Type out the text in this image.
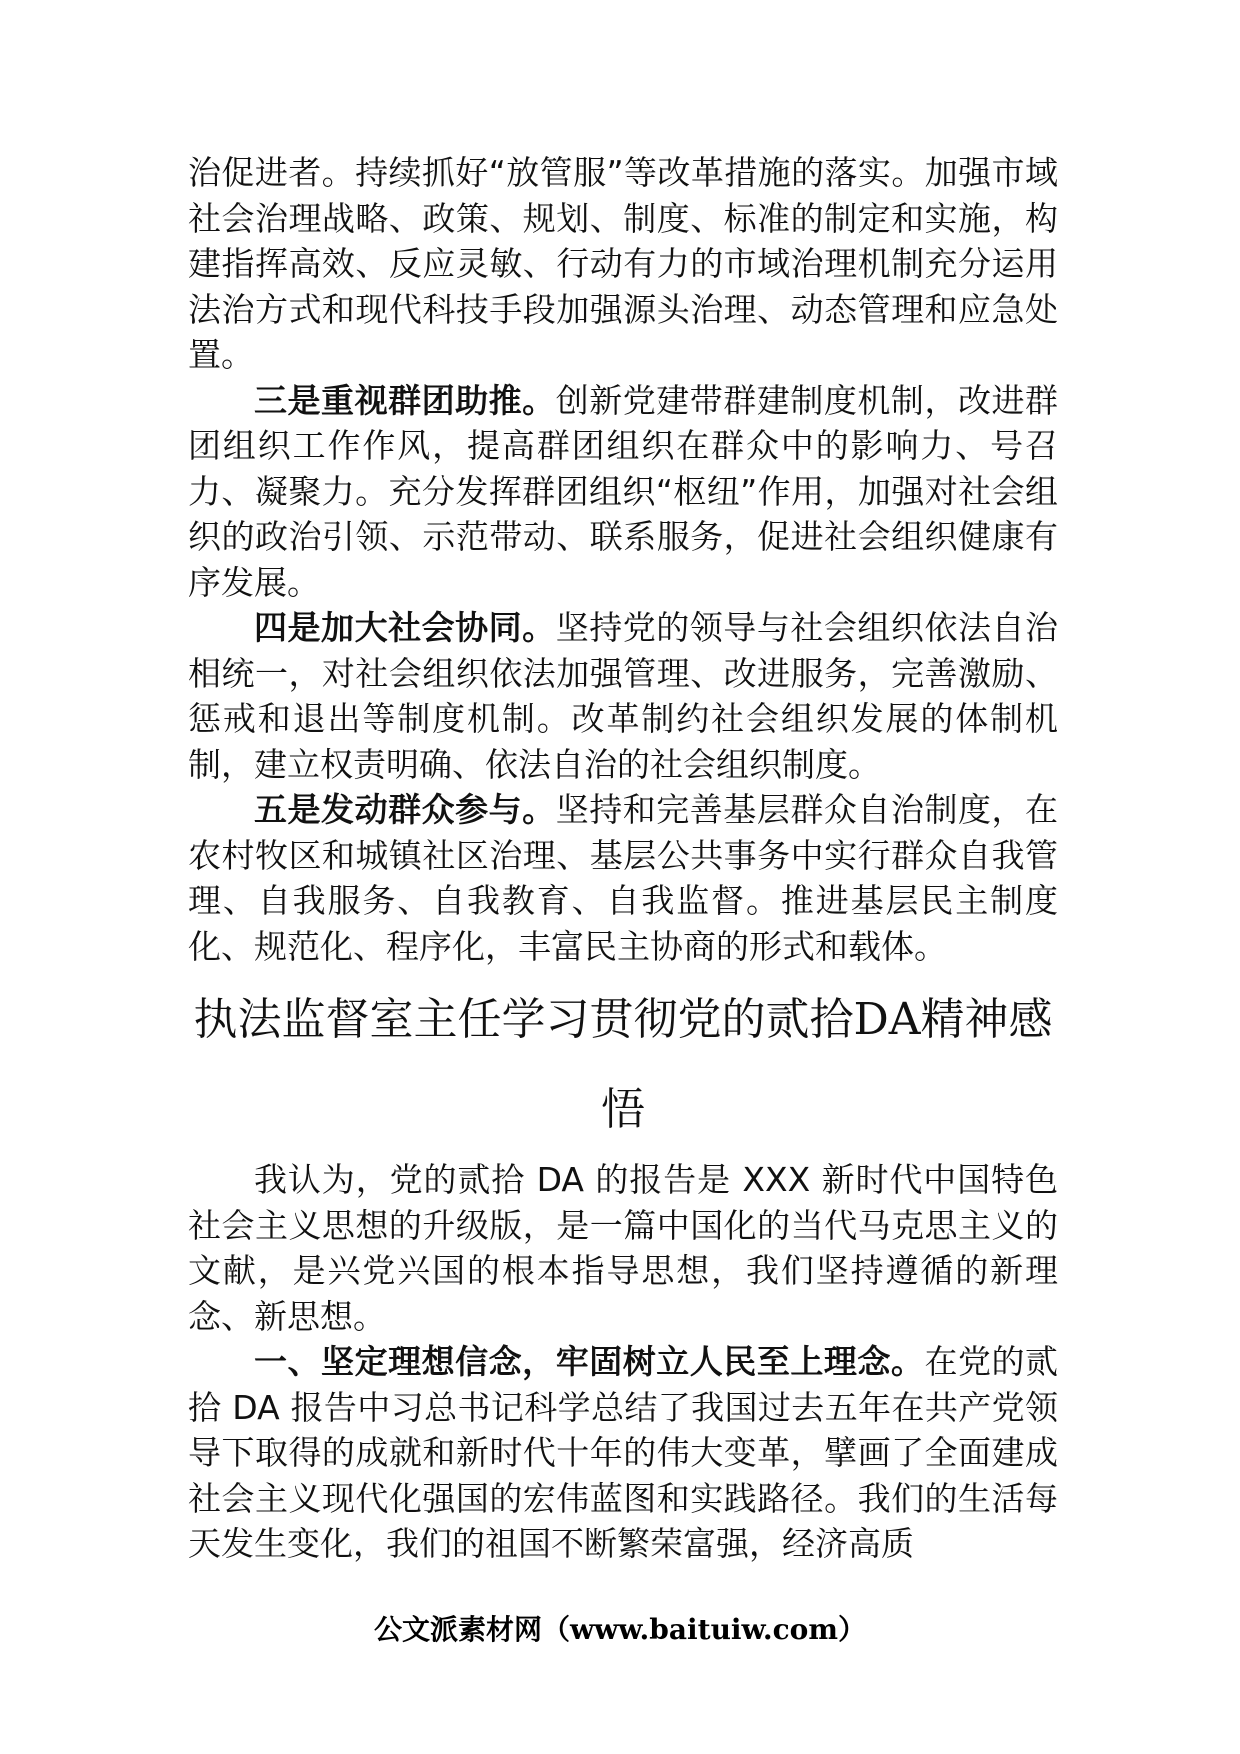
治促进者。持续抓好“放管服”等改革措施的落实。加强市域社会治理战略、政策、规划、制度、标准的制定和实施，构建指挥高效、反应灵敏、行动有力的市域治理机制充分运用法治方式和现代科技手段加强源头治理、动态管理和应急处置。

三是重视群团助推。创新党建带群建制度机制，改进群团组织工作作风，提高群团组织在群众中的影响力、号召力、凝聚力。充分发挥群团组织“枢纽”作用，加强对社会组织的政治引领、示范带动、联系服务，促进社会组织健康有序发展。

四是加大社会协同。坚持党的领导与社会组织依法自治相统一，对社会组织依法加强管理、改进服务，完善激励、惩戒和退出等制度机制。改革制约社会组织发展的体制机制，建立权责明确、依法自治的社会组织制度。

五是发动群众参与。坚持和完善基层群众自治制度，在农村牧区和城镇社区治理、基层公共事务中实行群众自我管理、自我服务、自我教育、自我监督。推进基层民主制度化、规范化、程序化，丰富民主协商的形式和载体。

执法监督室主任学习贯彻党的贰拾DA精神感悟

我认为，党的贰拾 DA 的报告是 XXX 新时代中国特色社会主义思想的升级版，是一篇中国化的当代马克思主义的文献，是兴党兴国的根本指导思想，我们坚持遵循的新理念、新思想。

一、坚定理想信念，牢固树立人民至上理念。在党的贰拾 DA 报告中习总书记科学总结了我国过去五年在共产党领导下取得的成就和新时代十年的伟大变革，擘画了全面建成社会主义现代化强国的宏伟蓝图和实践路径。我们的生活每天发生变化，我们的祖国不断繁荣富强，经济高质

公文派素材网（www.baituiw.com）
